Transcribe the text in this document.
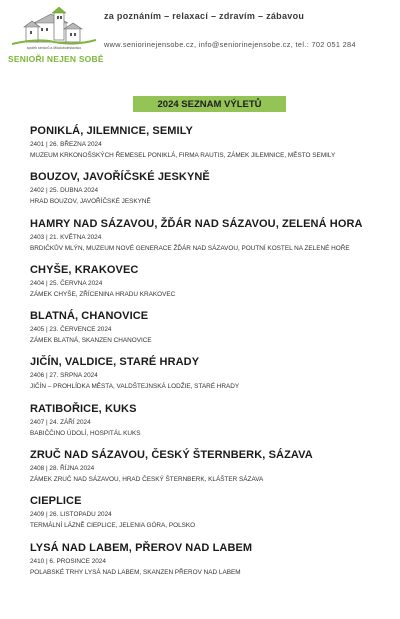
spolek seniorů a Mladoboleslavsko
SENIOŘI NEJEN SOBĚ
za poznáním – relaxací – zdravím – zábavou
www.seniorinejensobe.cz, info@seniorinejensobe.cz, tel.: 702 051 284
2024 SEZNAM VÝLETŮ
PONIKLÁ, JILEMNICE, SEMILY
2401 | 26. BŘEZNA 2024
MUZEUM KRKONOŠSKÝCH ŘEMESEL PONIKLÁ, FIRMA RAUTIS, ZÁMEK JILEMNICE, MĚSTO SEMILY
BOUZOV, JAVOŘÍČSKÉ JESKYNĚ
2402 | 25. DUBNA 2024
HRAD BOUZOV, JAVOŘÍČSKÉ JESKYNĚ
HAMRY NAD SÁZAVOU, ŽĎÁR NAD SÁZAVOU, ZELENÁ HORA
2403 | 21. KVĚTNA 2024
BRDIČKŮV MLÝN, MUZEUM NOVÉ GENERACE ŽĎÁR NAD SÁZAVOU, POUTNÍ KOSTEL NA ZELENÉ HOŘE
CHYŠE, KRAKOVEC
2404 | 25. ČERVNA 2024
ZÁMEK CHYŠE, ZŘÍCENINA HRADU KRAKOVEC
BLATNÁ, CHANOVICE
2405 | 23. ČERVENCE 2024
ZÁMEK BLATNÁ, SKANZEN CHANOVICE
JIČÍN, VALDICE, STARÉ HRADY
2406 | 27. SRPNA 2024
JIČÍN – PROHLÍDKA MĚSTA, VALDŠTEJNSKÁ LODŽIE, STARÉ HRADY
RATIBOŘICE, KUKS
2407 | 24. ZÁŘÍ 2024
BABIČČINO ÚDOLÍ, HOSPITÁL KUKS
ZRUČ NAD SÁZAVOU, ČESKÝ ŠTERNBERK, SÁZAVA
2408 | 28. ŘÍJNA 2024
ZÁMEK ZRUČ NAD SÁZAVOU, HRAD ČESKÝ ŠTERNBERK, KLÁŠTER SÁZAVA
CIEPLICE
2409 | 26. LISTOPADU 2024
TERMÁLNÍ LÁZNĚ CIEPLICE, JELENIA GÓRA, POLSKO
LYSÁ NAD LABEM, PŘEROV NAD LABEM
2410 | 6. PROSINCE 2024
POLABSKÉ TRHY LYSÁ NAD LABEM, SKANZEN PŘEROV NAD LABEM
